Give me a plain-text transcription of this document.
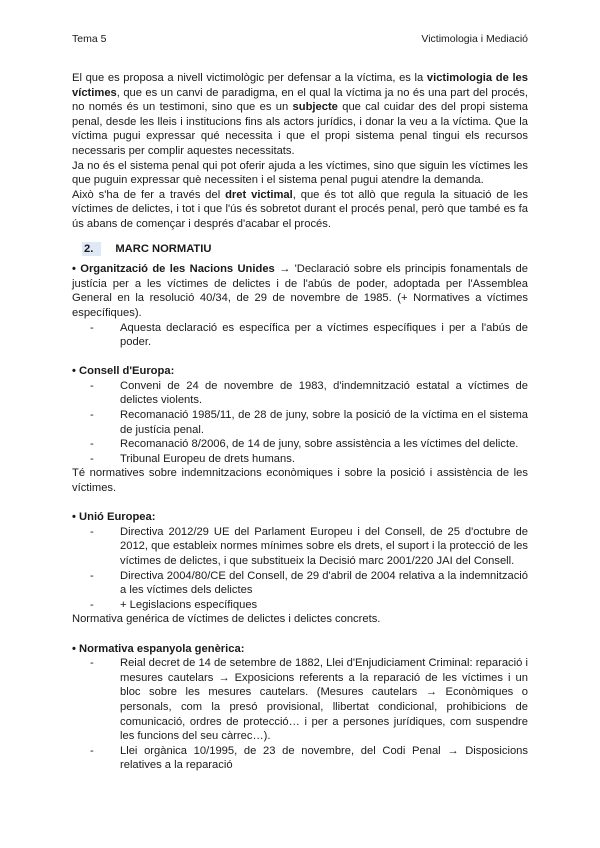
Tema 5	Victimologia i Mediació

El que es proposa a nivell victimològic per defensar a la víctima, es la victimologia de les víctimes, que es un canvi de paradigma, en el qual la víctima ja no és una part del procés, no només és un testimoni, sino que es un subjecte que cal cuidar des del propi sistema penal, desde les lleis i institucions fins als actors jurídics, i donar la veu a la víctima. Que la víctima pugui expressar qué necessita i que el propi sistema penal tingui els recursos necessaris per complir aquestes necessitats.

Ja no és el sistema penal qui pot oferir ajuda a les víctimes, sino que siguin les víctimes les que puguin expressar què necessiten i el sistema penal pugui atendre la demanda.

Això s'ha de fer a través del dret victimal, que és tot allò que regula la situació de les víctimes de delictes, i tot i que l'ús és sobretot durant el procés penal, però que també es fa ús abans de començar i després d'acabar el procés.

2.	MARC NORMATIU

• Organització de les Nacions Unides → 'Declaració sobre els principis fonamentals de justícia per a les víctimes de delictes i de l'abús de poder, adoptada per l'Assemblea General en la resolució 40/34, de 29 de novembre de 1985. (+ Normatives a víctimes específiques).

- Aquesta declaració es específica per a víctimes específiques i per a l'abús de poder.

• Consell d'Europa:

- Conveni de 24 de novembre de 1983, d'indemnització estatal a víctimes de delictes violents.
- Recomanació 1985/11, de 28 de juny, sobre la posició de la víctima en el sistema de justícia penal.
- Recomanació 8/2006, de 14 de juny, sobre assistència a les víctimes del delicte.
- Tribunal Europeu de drets humans.

Té normatives sobre indemnitzacions econòmiques i sobre la posició i assistència de les víctimes.

• Unió Europea:

- Directiva 2012/29 UE del Parlament Europeu i del Consell, de 25 d'octubre de 2012, que estableix normes mínimes sobre els drets, el suport i la protecció de les víctimes de delictes, i que substitueix la Decisió marc 2001/220 JAI del Consell.
- Directiva 2004/80/CE del Consell, de 29 d'abril de 2004 relativa a la indemnització a les víctimes dels delictes
- + Legislacions específiques

Normativa genérica de víctimes de delictes i delictes concrets.

• Normativa espanyola genèrica:

- Reial decret de 14 de setembre de 1882, Llei d'Enjudiciament Criminal: reparació i mesures cautelars → Exposicions referents a la reparació de les víctimes i un bloc sobre les mesures cautelars. (Mesures cautelars → Econòmiques o personals, com la presó provisional, llibertat condicional, prohibicions de comunicació, ordres de protecció… i per a persones jurídiques, com suspendre les funcions del seu càrrec…).
- Llei orgànica 10/1995, de 23 de novembre, del Codi Penal → Disposicions relatives a la reparació
